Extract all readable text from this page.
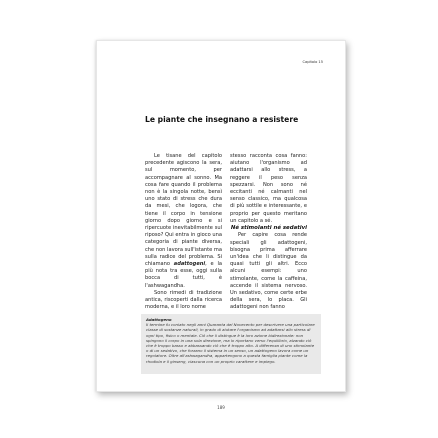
Capitolo 15
Le piante che insegnano a resistere

Le tisane del capitolo precedente agiscono la sera, sul momento, per accompagnare al sonno. Ma cosa fare quando il problema non è la singola notte, bensì uno stato di stress che dura da mesi, che logora, che tiene il corpo in tensione giorno dopo giorno e si ripercuote inevitabilmente sul riposo? Qui entra in gioco una categoria di piante diversa, che non lavora sull'istante ma sulla radice del problema. Si chiamano adattogeni, e la più nota tra esse, oggi sulla bocca di tutti, è l'ashwagandha.

Sono rimedi di tradizione antica, riscoperti dalla ricerca moderna, e il loro nome

stesso racconta cosa fanno: aiutano l'organismo ad adattarsi allo stress, a reggere il peso senza spezzarsi. Non sono né eccitanti né calmanti nel senso classico, ma qualcosa di più sottile e interessante, e proprio per questo meritano un capitolo a sé.

Né stimolanti né sedativi

Per capire cosa rende speciali gli adattogeni, bisogna prima afferrare un'idea che li distingue da quasi tutti gli altri. Ecco alcuni esempi: uno stimolante, come la caffeina, accende il sistema nervoso. Un sedativo, come certe erbe della sera, lo placa. Gli adattogeni non fanno

Adattogeno
Il termine fu coniato negli anni Quaranta del Novecento per descrivere una particolare classe di sostanze naturali, in grado di aiutare l'organismo ad adattarsi allo stress di ogni tipo, fisico o mentale. Ciò che li distingue è la loro azione bidirezionale: non spingono il corpo in una sola direzione, ma lo riportano verso l'equilibrio, alzando ciò che è troppo basso e abbassando ciò che è troppo alto. A differenza di uno stimolante o di un sedativo, che forzano il sistema in un senso, un adattogeno lavora come un regolatore. Oltre all'ashwagandha, appartengono a questa famiglia piante come la rhodiola e il ginseng, ciascuna con un proprio carattere e impiego.
189
